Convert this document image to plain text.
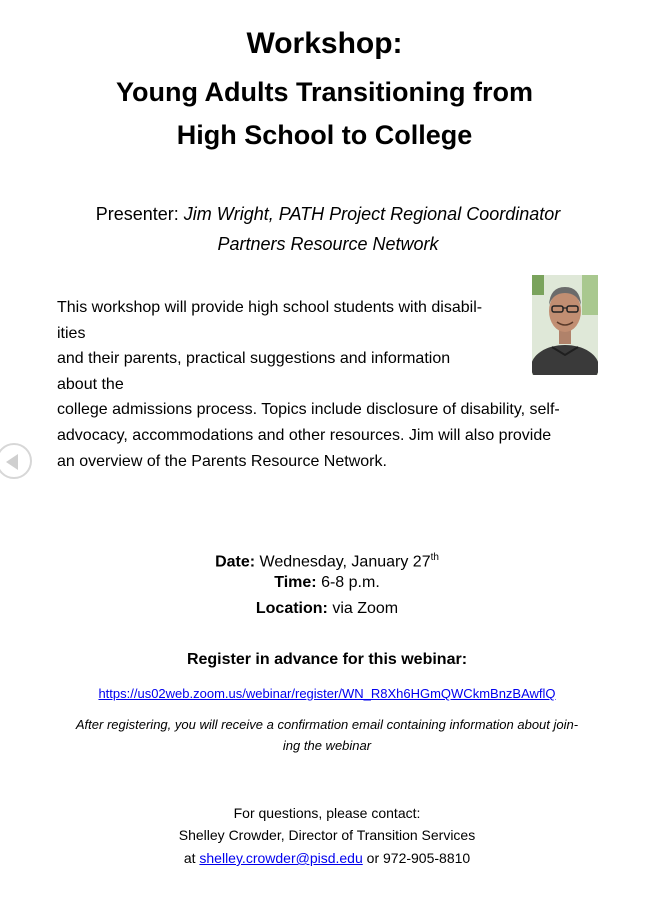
Workshop:
Young Adults Transitioning from
High School to College
Presenter: Jim Wright, PATH Project Regional Coordinator
Partners Resource Network
This workshop will provide high school students with disabil-
ities
and their parents, practical suggestions and information
about the
college admissions process. Topics include disclosure of disability, self-
advocacy, accommodations and other resources. Jim will also provide
an overview of the Parents Resource Network.
Date: Wednesday, January 27th
Time: 6-8 p.m.
Location: via Zoom
Register in advance for this webinar:
https://us02web.zoom.us/webinar/register/WN_R8Xh6HGmQWCkmBnzBAwflQ
After registering, you will receive a confirmation email containing information about join-
ing the webinar
For questions, please contact:
Shelley Crowder, Director of Transition Services
at shelley.crowder@pisd.edu or 972-905-8810
